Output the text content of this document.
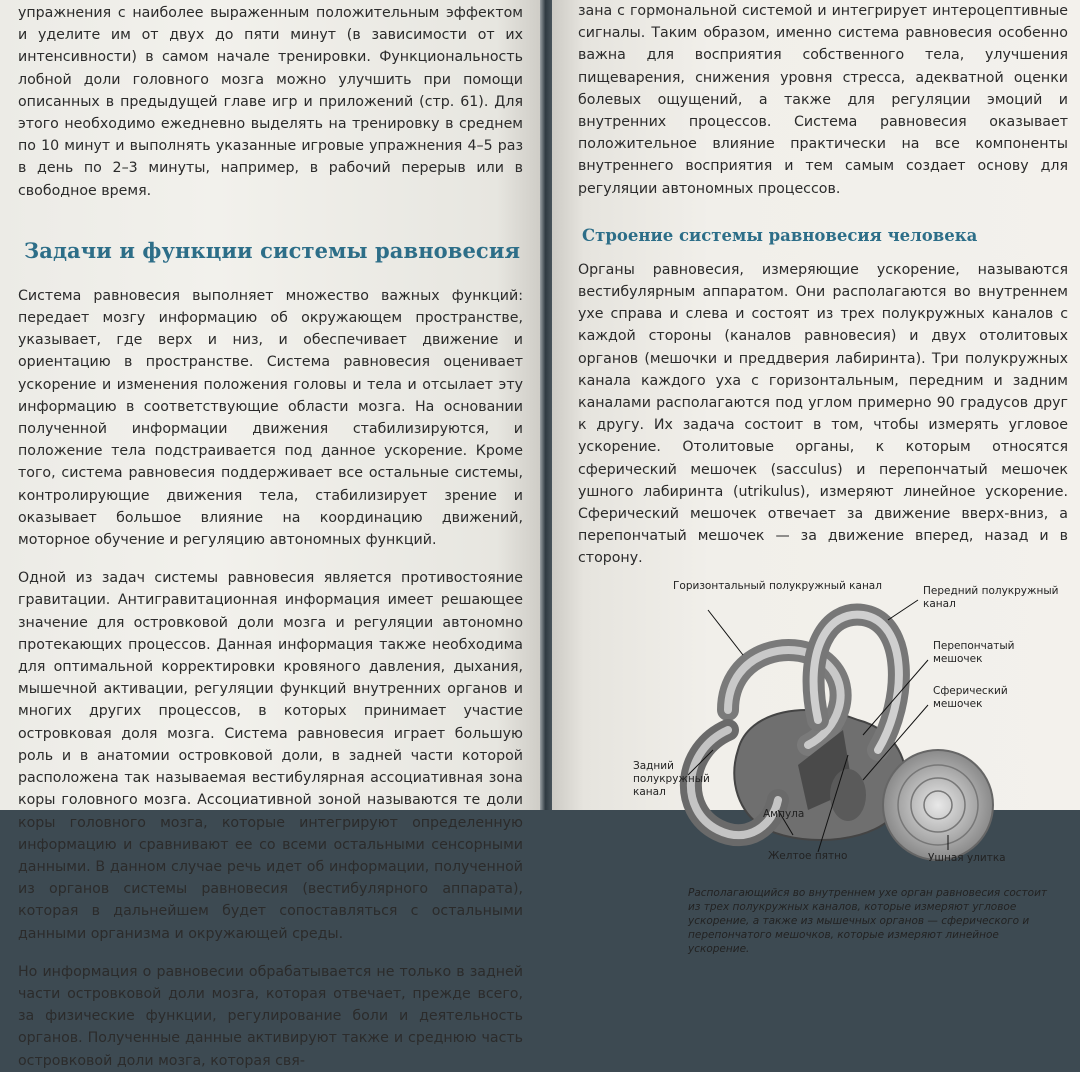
упражнения с наиболее выраженным положительным эффектом и уделите им от двух до пяти минут (в зависимости от их интенсивности) в самом начале тренировки. Функциональность лобной доли головного мозга можно улучшить при помощи описанных в предыдущей главе игр и приложений (стр. 61). Для этого необходимо ежедневно выделять на тренировку в среднем по 10 минут и выполнять указанные игровые упражнения 4–5 раз в день по 2–3 минуты, например, в рабочий перерыв или в свободное время.

Задачи и функции системы равновесия

Система равновесия выполняет множество важных функций: передает мозгу информацию об окружающем пространстве, указывает, где верх и низ, и обеспечивает движение и ориентацию в пространстве. Система равновесия оценивает ускорение и изменения положения головы и тела и отсылает эту информацию в соответствующие области мозга. На основании полученной информации движения стабилизируются, и положение тела подстраивается под данное ускорение. Кроме того, система равновесия поддерживает все остальные системы, контролирующие движения тела, стабилизирует зрение и оказывает большое влияние на координацию движений, моторное обучение и регуляцию автономных функций.

Одной из задач системы равновесия является противостояние гравитации. Антигравитационная информация имеет решающее значение для островковой доли мозга и регуляции автономно протекающих процессов. Данная информация также необходима для оптимальной корректировки кровяного давления, дыхания, мышечной активации, регуляции функций внутренних органов и многих других процессов, в которых принимает участие островковая доля мозга. Система равновесия играет большую роль и в анатомии островковой доли, в задней части которой расположена так называемая вестибулярная ассоциативная зона коры головного мозга. Ассоциативной зоной называются те доли коры головного мозга, которые интегрируют определенную информацию и сравнивают ее со всеми остальными сенсорными данными. В данном случае речь идет об информации, полученной из органов системы равновесия (вестибулярного аппарата), которая в дальнейшем будет сопоставляться с остальными данными организма и окружающей среды.

Но информация о равновесии обрабатывается не только в задней части островковой доли мозга, которая отвечает, прежде всего, за физические функции, регулирование боли и деятельность органов. Полученные данные активируют также и среднюю часть островковой доли мозга, которая свя-

зана с гормональной системой и интегрирует интероцептивные сигналы. Таким образом, именно система равновесия особенно важна для восприятия собственного тела, улучшения пищеварения, снижения уровня стресса, адекватной оценки болевых ощущений, а также для регуляции эмоций и внутренних процессов. Система равновесия оказывает положительное влияние практически на все компоненты внутреннего восприятия и тем самым создает основу для регуляции автономных процессов.

Строение системы равновесия человека

Органы равновесия, измеряющие ускорение, называются вестибулярным аппаратом. Они располагаются во внутреннем ухе справа и слева и состоят из трех полукружных каналов с каждой стороны (каналов равновесия) и двух отолитовых органов (мешочки и преддверия лабиринта). Три полукружных канала каждого уха с горизонтальным, передним и задним каналами располагаются под углом примерно 90 градусов друг к другу. Их задача состоит в том, чтобы измерять угловое ускорение. Отолитовые органы, к которым относятся сферический мешочек (sacculus) и перепончатый мешочек ушного лабиринта (utrikulus), измеряют линейное ускорение. Сферический мешочек отвечает за движение вверх-вниз, а перепончатый мешочек — за движение вперед, назад и в сторону.

Горизонтальный полукружный канал	Передний полукружный канал
Перепончатый мешочек
Сферический мешочек
Задний полукружный канал
Ампула
Желтое пятно	Ушная улитка
Располагающийся во внутреннем ухе орган равновесия состоит из трех полукружных каналов, которые измеряют угловое ускорение, а также из мышечных органов — сферического и перепончатого мешочков, которые измеряют линейное ускорение.
